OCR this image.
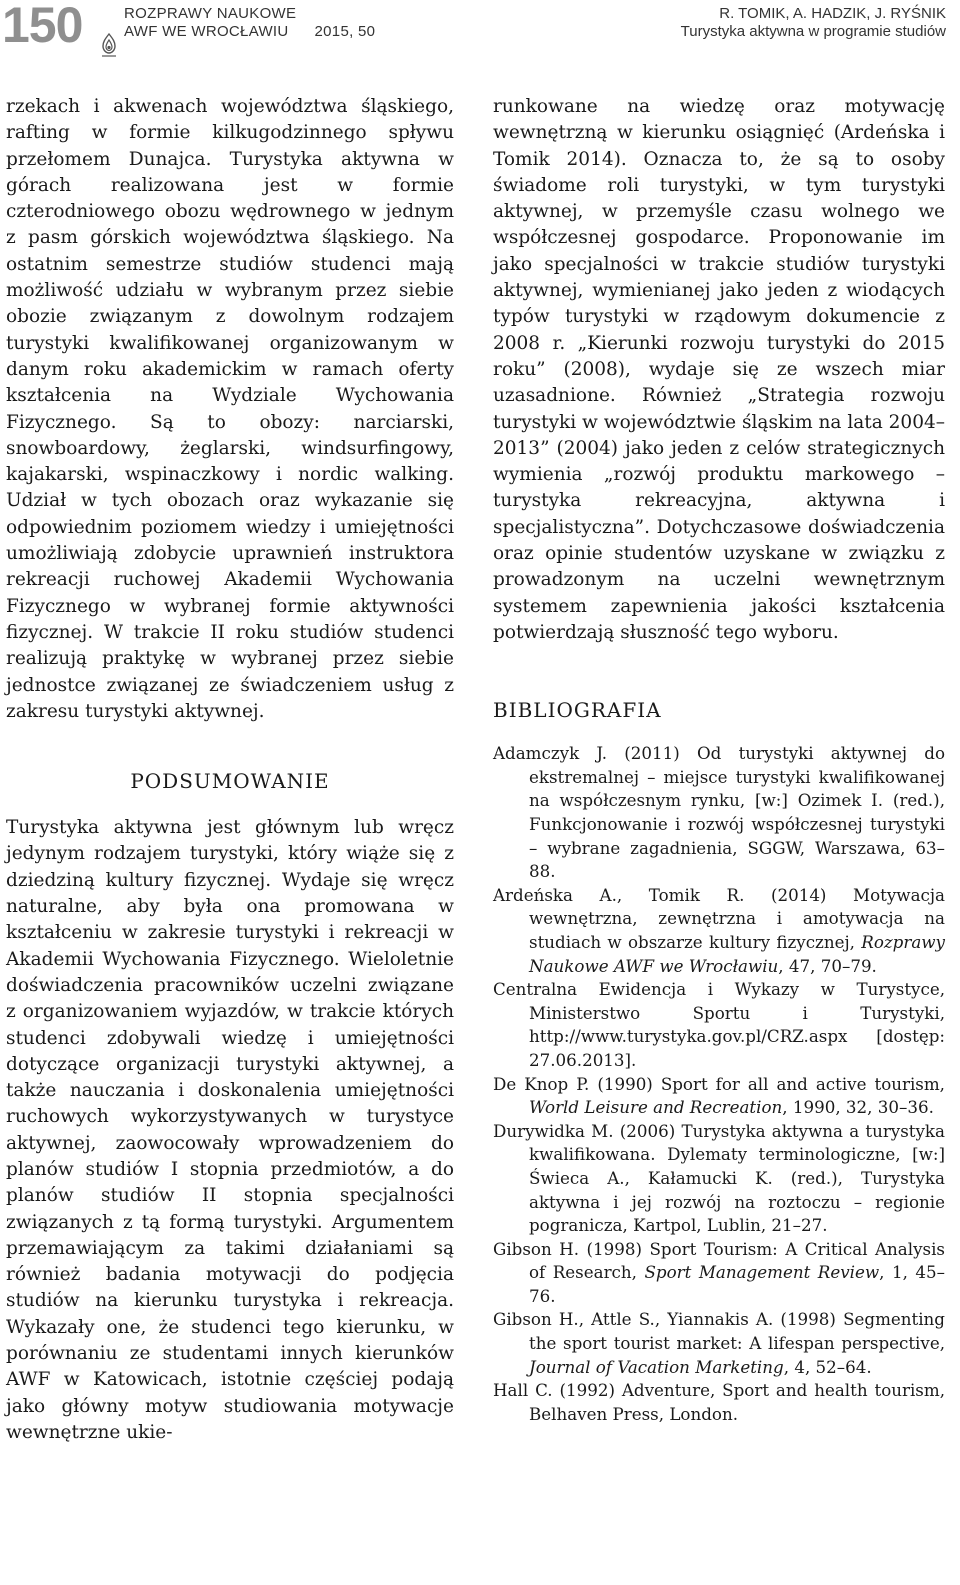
150	ROZPRAWY NAUKOWE
AWF WE WROCŁAWIU 2015, 50
R. TOMIK, A. HADZIK, J. RYŚNIK
Turystyka aktywna w programie studiów

rzekach i akwenach województwa śląskiego, rafting w formie kilkugodzinnego spływu przełomem Dunajca. Turystyka aktywna w górach realizowana jest w formie czterodniowego obozu wędrownego w jednym z pasm górskich województwa śląskiego. Na ostatnim semestrze studiów studenci mają możliwość udziału w wybranym przez siebie obozie związanym z dowolnym rodzajem turystyki kwalifikowanej organizowanym w danym roku akademickim w ramach oferty kształcenia na Wydziale Wychowania Fizycznego. Są to obozy: narciarski, snowboardowy, żeglarski, windsurfingowy, kajakarski, wspinaczkowy i nordic walking. Udział w tych obozach oraz wykazanie się odpowiednim poziomem wiedzy i umiejętności umożliwiają zdobycie uprawnień instruktora rekreacji ruchowej Akademii Wychowania Fizycznego w wybranej formie aktywności fizycznej. W trakcie II roku studiów studenci realizują praktykę w wybranej przez siebie jednostce związanej ze świadczeniem usług z zakresu turystyki aktywnej.

PODSUMOWANIE

Turystyka aktywna jest głównym lub wręcz jedynym rodzajem turystyki, który wiąże się z dziedziną kultury fizycznej. Wydaje się wręcz naturalne, aby była ona promowana w kształceniu w zakresie turystyki i rekreacji w Akademii Wychowania Fizycznego. Wieloletnie doświadczenia pracowników uczelni związane z organizowaniem wyjazdów, w trakcie których studenci zdobywali wiedzę i umiejętności dotyczące organizacji turystyki aktywnej, a także nauczania i doskonalenia umiejętności ruchowych wykorzystywanych w turystyce aktywnej, zaowocowały wprowadzeniem do planów studiów I stopnia przedmiotów, a do planów studiów II stopnia specjalności związanych z tą formą turystyki. Argumentem przemawiającym za takimi działaniami są również badania motywacji do podjęcia studiów na kierunku turystyka i rekreacja. Wykazały one, że studenci tego kierunku, w porównaniu ze studentami innych kierunków AWF w Katowicach, istotnie częściej podają jako główny motyw studiowania motywacje wewnętrzne ukie-

runkowane na wiedzę oraz motywację wewnętrzną w kierunku osiągnięć (Ardeńska i Tomik 2014). Oznacza to, że są to osoby świadome roli turystyki, w tym turystyki aktywnej, w przemyśle czasu wolnego we współczesnej gospodarce. Proponowanie im jako specjalności w trakcie studiów turystyki aktywnej, wymienianej jako jeden z wiodących typów turystyki w rządowym dokumencie z 2008 r. „Kierunki rozwoju turystyki do 2015 roku” (2008), wydaje się ze wszech miar uzasadnione. Również „Strategia rozwoju turystyki w województwie śląskim na lata 2004–2013” (2004) jako jeden z celów strategicznych wymienia „rozwój produktu markowego – turystyka rekreacyjna, aktywna i specjalistyczna”. Dotychczasowe doświadczenia oraz opinie studentów uzyskane w związku z prowadzonym na uczelni wewnętrznym systemem zapewnienia jakości kształcenia potwierdzają słuszność tego wyboru.

BIBLIOGRAFIA
Adamczyk J. (2011) Od turystyki aktywnej do ekstremalnej – miejsce turystyki kwalifikowanej na współczesnym rynku, [w:] Ozimek I. (red.), Funkcjonowanie i rozwój współczesnej turystyki – wybrane zagadnienia, SGGW, Warszawa, 63–88.
Ardeńska A., Tomik R. (2014) Motywacja wewnętrzna, zewnętrzna i amotywacja na studiach w obszarze kultury fizycznej, Rozprawy Naukowe AWF we Wrocławiu, 47, 70–79.
Centralna Ewidencja i Wykazy w Turystyce, Ministerstwo Sportu i Turystyki, http://www.turystyka.gov.pl/CRZ.aspx [dostęp: 27.06.2013].
De Knop P. (1990) Sport for all and active tourism, World Leisure and Recreation, 1990, 32, 30–36.
Durywidka M. (2006) Turystyka aktywna a turystyka kwalifikowana. Dylematy terminologiczne, [w:] Świeca A., Kałamucki K. (red.), Turystyka aktywna i jej rozwój na roztoczu – regionie pogranicza, Kartpol, Lublin, 21–27.
Gibson H. (1998) Sport Tourism: A Critical Analysis of Research, Sport Management Review, 1, 45–76.
Gibson H., Attle S., Yiannakis A. (1998) Segmenting the sport tourist market: A lifespan perspective, Journal of Vacation Marketing, 4, 52–64.
Hall C. (1992) Adventure, Sport and health tourism, Belhaven Press, London.
